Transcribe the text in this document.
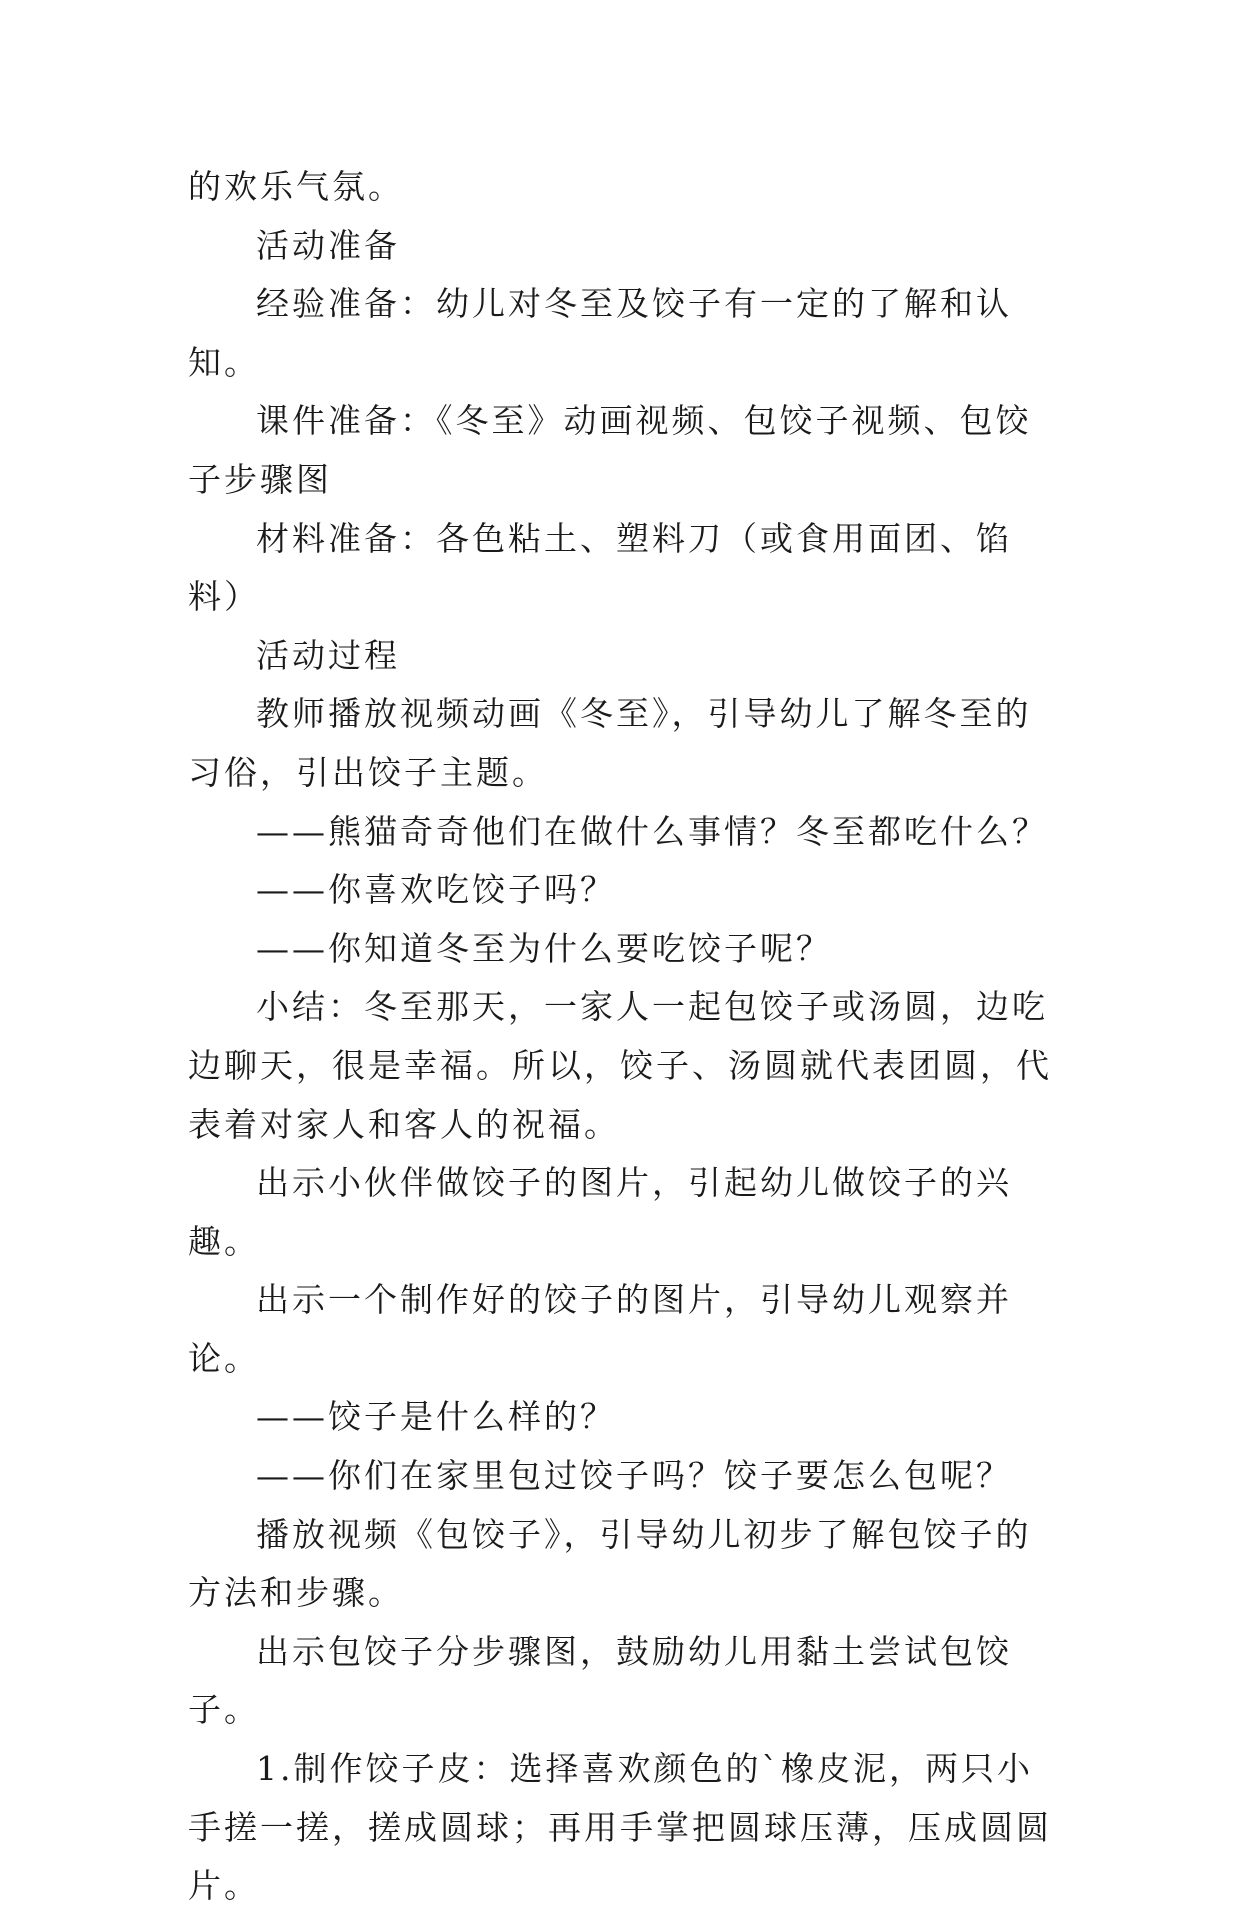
的欢乐气氛。

活动准备

经验准备：幼儿对冬至及饺子有一定的了解和认知。

课件准备：《冬至》动画视频、包饺子视频、包饺子步骤图

材料准备：各色粘土、塑料刀（或食用面团、馅料）

活动过程

教师播放视频动画《冬至》，引导幼儿了解冬至的习俗，引出饺子主题。

——熊猫奇奇他们在做什么事情？冬至都吃什么？

——你喜欢吃饺子吗？

——你知道冬至为什么要吃饺子呢？

小结：冬至那天，一家人一起包饺子或汤圆，边吃边聊天，很是幸福。所以，饺子、汤圆就代表团圆，代表着对家人和客人的祝福。

出示小伙伴做饺子的图片，引起幼儿做饺子的兴趣。

出示一个制作好的饺子的图片，引导幼儿观察并论。

——饺子是什么样的？

——你们在家里包过饺子吗？饺子要怎么包呢？

播放视频《包饺子》，引导幼儿初步了解包饺子的方法和步骤。

出示包饺子分步骤图，鼓励幼儿用黏土尝试包饺子。

1.制作饺子皮：选择喜欢颜色的`橡皮泥，两只小手搓一搓，搓成圆球；再用手掌把圆球压薄，压成圆圆片。
